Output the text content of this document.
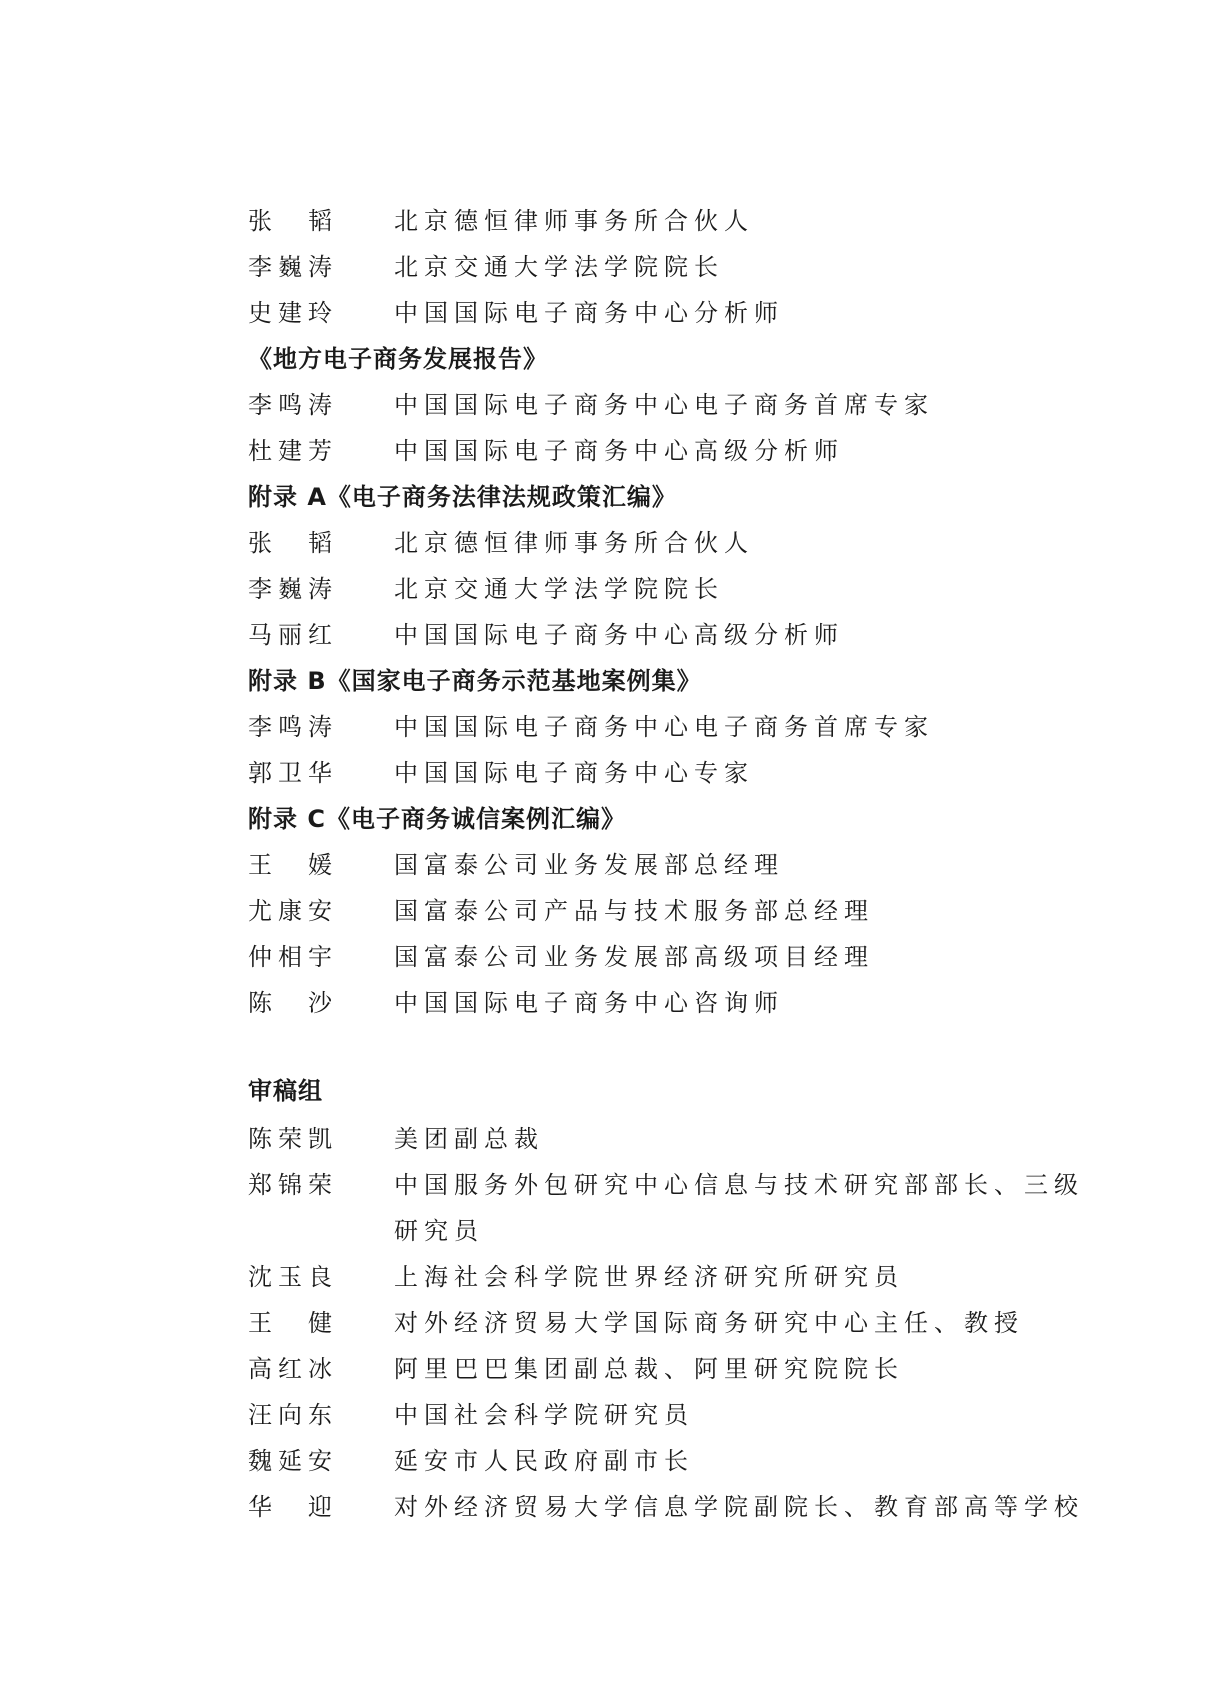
张　韬	北京德恒律师事务所合伙人
李巍涛	北京交通大学法学院院长
史建玲	中国国际电子商务中心分析师
《地方电子商务发展报告》
李鸣涛	中国国际电子商务中心电子商务首席专家
杜建芳	中国国际电子商务中心高级分析师
附录 A《电子商务法律法规政策汇编》
张　韬	北京德恒律师事务所合伙人
李巍涛	北京交通大学法学院院长
马丽红	中国国际电子商务中心高级分析师
附录 B《国家电子商务示范基地案例集》
李鸣涛	中国国际电子商务中心电子商务首席专家
郭卫华	中国国际电子商务中心专家
附录 C《电子商务诚信案例汇编》
王　媛	国富泰公司业务发展部总经理
尤康安	国富泰公司产品与技术服务部总经理
仲相宇	国富泰公司业务发展部高级项目经理
陈　沙	中国国际电子商务中心咨询师
审稿组
陈荣凯	美团副总裁
郑锦荣	中国服务外包研究中心信息与技术研究部部长、三级研究员
沈玉良	上海社会科学院世界经济研究所研究员
王　健	对外经济贸易大学国际商务研究中心主任、教授
高红冰	阿里巴巴集团副总裁、阿里研究院院长
汪向东	中国社会科学院研究员
魏延安	延安市人民政府副市长
华　迎	对外经济贸易大学信息学院副院长、教育部高等学校
